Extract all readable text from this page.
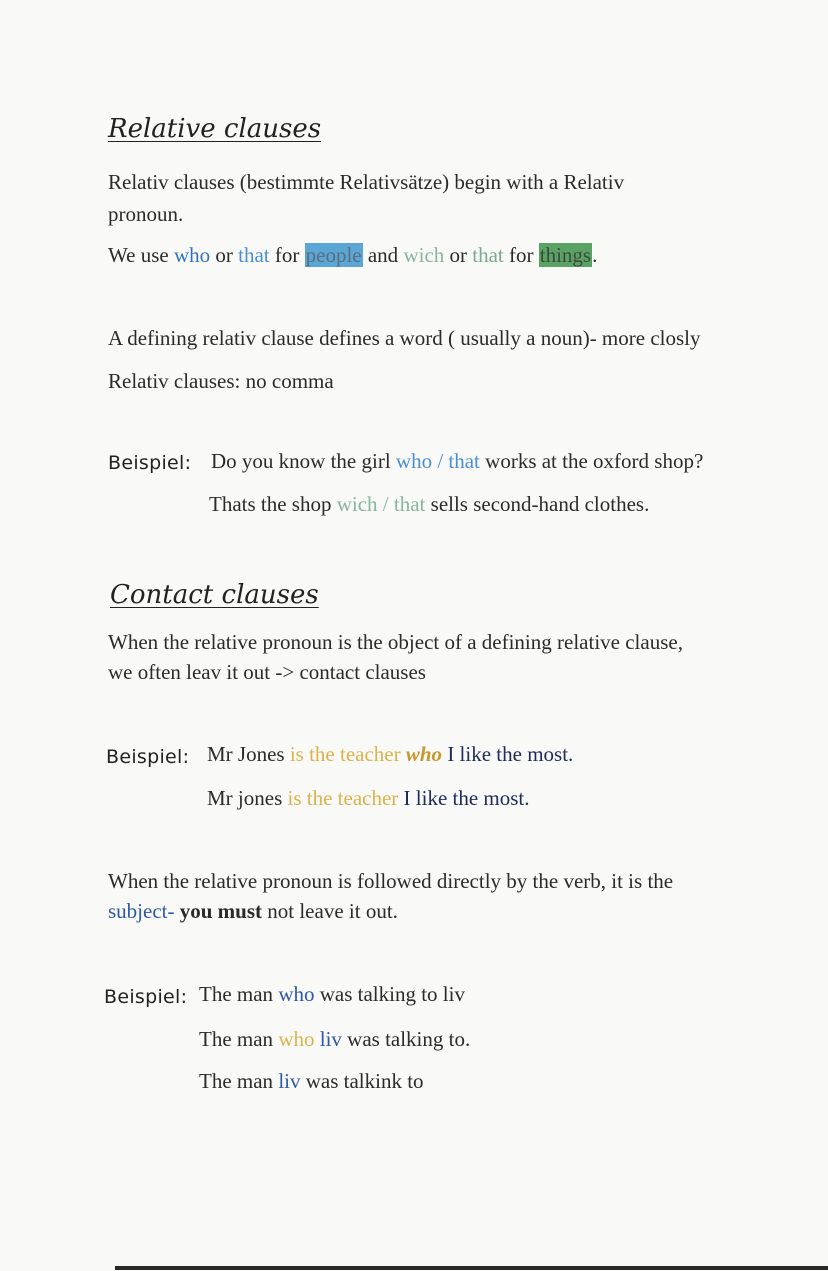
Relative clauses
Relativ clauses (bestimmte Relativsätze) begin with a Relativ
pronoun.
We use who or that for people and wich or that for things.
A defining relativ clause defines a word ( usually a noun)- more closly
Relativ clauses: no comma
Beispiel: Do you know the girl who / that works at the oxford shop?
Thats the shop wich / that sells second-hand clothes.
Contact clauses
When the relative pronoun is the object of a defining relative clause,
we often leav it out -> contact clauses
Beispiel: Mr Jones is the teacher who I like the most.
Mr jones is the teacher I like the most.
When the relative pronoun is followed directly by the verb, it is the
subject- you must not leave it out.
Beispiel: The man who was talking to liv
The man who liv was talking to.
The man liv was talkink to
